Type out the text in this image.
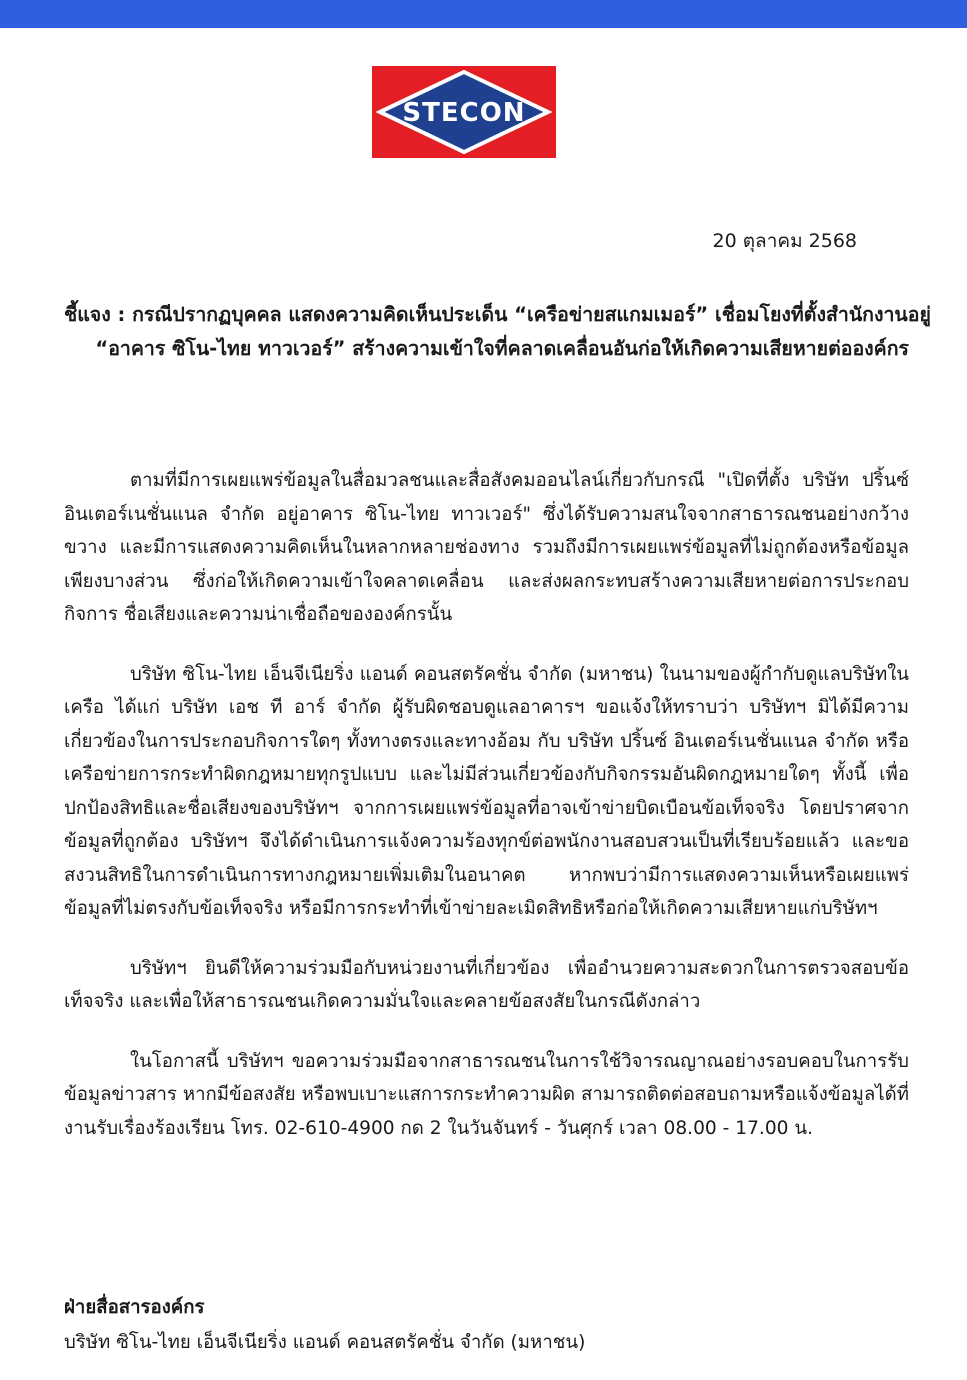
STECON
20 ตุลาคม 2568
ชี้แจง : กรณีปรากฏบุคคล แสดงความคิดเห็นประเด็น “เครือข่ายสแกมเมอร์” เชื่อมโยงที่ตั้งสำนักงานอยู่
“อาคาร ซิโน-ไทย ทาวเวอร์” สร้างความเข้าใจที่คลาดเคลื่อนอันก่อให้เกิดความเสียหายต่อองค์กร

ตามที่มีการเผยแพร่ข้อมูลในสื่อมวลชนและสื่อสังคมออนไลน์เกี่ยวกับกรณี "เปิดที่ตั้ง บริษัท ปริ้นซ์ อินเตอร์เนชั่นแนล จำกัด อยู่อาคาร ซิโน-ไทย ทาวเวอร์" ซึ่งได้รับความสนใจจากสาธารณชนอย่างกว้างขวาง และมีการแสดงความคิดเห็นในหลากหลายช่องทาง รวมถึงมีการเผยแพร่ข้อมูลที่ไม่ถูกต้องหรือข้อมูลเพียงบางส่วน ซึ่งก่อให้เกิดความเข้าใจคลาดเคลื่อน และส่งผลกระทบสร้างความเสียหายต่อการประกอบกิจการ ชื่อเสียงและความน่าเชื่อถือขององค์กรนั้น

บริษัท ซิโน-ไทย เอ็นจีเนียริ่ง แอนด์ คอนสตรัคชั่น จำกัด (มหาชน) ในนามของผู้กำกับดูแลบริษัทในเครือ ได้แก่ บริษัท เอช ที อาร์ จำกัด ผู้รับผิดชอบดูแลอาคารฯ ขอแจ้งให้ทราบว่า บริษัทฯ มิได้มีความเกี่ยวข้องในการประกอบกิจการใดๆ ทั้งทางตรงและทางอ้อม กับ บริษัท ปริ้นซ์ อินเตอร์เนชั่นแนล จำกัด หรือเครือข่ายการกระทำผิดกฎหมายทุกรูปแบบ และไม่มีส่วนเกี่ยวข้องกับกิจกรรมอันผิดกฎหมายใดๆ ทั้งนี้ เพื่อปกป้องสิทธิและชื่อเสียงของบริษัทฯ จากการเผยแพร่ข้อมูลที่อาจเข้าข่ายบิดเบือนข้อเท็จจริง โดยปราศจากข้อมูลที่ถูกต้อง บริษัทฯ จึงได้ดำเนินการแจ้งความร้องทุกข์ต่อพนักงานสอบสวนเป็นที่เรียบร้อยแล้ว และขอสงวนสิทธิในการดำเนินการทางกฎหมายเพิ่มเติมในอนาคต หากพบว่ามีการแสดงความเห็นหรือเผยแพร่ข้อมูลที่ไม่ตรงกับข้อเท็จจริง หรือมีการกระทำที่เข้าข่ายละเมิดสิทธิหรือก่อให้เกิดความเสียหายแก่บริษัทฯ

บริษัทฯ ยินดีให้ความร่วมมือกับหน่วยงานที่เกี่ยวข้อง เพื่ออำนวยความสะดวกในการตรวจสอบข้อเท็จจริง และเพื่อให้สาธารณชนเกิดความมั่นใจและคลายข้อสงสัยในกรณีดังกล่าว

ในโอกาสนี้ บริษัทฯ ขอความร่วมมือจากสาธารณชนในการใช้วิจารณญาณอย่างรอบคอบในการรับข้อมูลข่าวสาร หากมีข้อสงสัย หรือพบเบาะแสการกระทำความผิด สามารถติดต่อสอบถามหรือแจ้งข้อมูลได้ที่งานรับเรื่องร้องเรียน โทร. 02-610-4900 กด 2 ในวันจันทร์ - วันศุกร์ เวลา 08.00 - 17.00 น.

ฝ่ายสื่อสารองค์กร
บริษัท ซิโน-ไทย เอ็นจีเนียริ่ง แอนด์ คอนสตรัคชั่น จำกัด (มหาชน)
